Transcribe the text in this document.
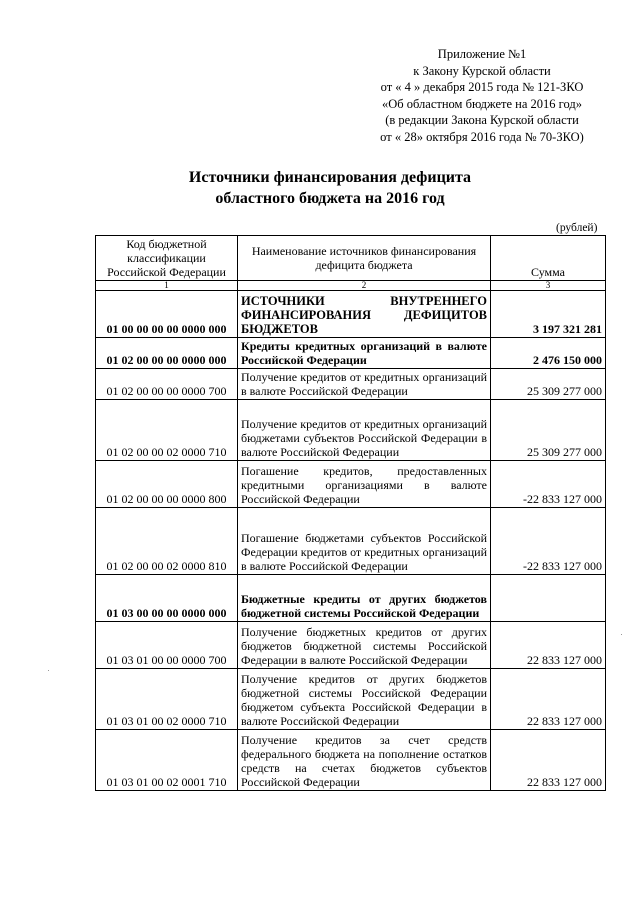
Приложение №1
к Закону Курской области
от « 4 » декабря 2015 года № 121-ЗКО
«Об областном бюджете на 2016 год»
(в редакции Закона Курской области
от « 28» октября 2016 года № 70-ЗКО)
Источники финансирования дефицита
областного бюджета на 2016 год
(рублей)
Код бюджетной классификации Российской Федерации	Наименование источников финансирования дефицита бюджета	Сумма
1	2	3
01 00 00 00 00 0000 000	ИСТОЧНИКИ ВНУТРЕННЕГО ФИНАНСИРОВАНИЯ ДЕФИЦИТОВ БЮДЖЕТОВ	3 197 321 281
01 02 00 00 00 0000 000	Кредиты кредитных организаций в валюте Российской Федерации	2 476 150 000
01 02 00 00 00 0000 700	Получение кредитов от кредитных организаций в валюте Российской Федерации	25 309 277 000
01 02 00 00 02 0000 710	Получение кредитов от кредитных организаций бюджетами субъектов Российской Федерации в валюте Российской Федерации	25 309 277 000
01 02 00 00 00 0000 800	Погашение кредитов, предоставленных кредитными организациями в валюте Российской Федерации	-22 833 127 000
01 02 00 00 02 0000 810	Погашение бюджетами субъектов Российской Федерации кредитов от кредитных организаций в валюте Российской Федерации	-22 833 127 000
01 03 00 00 00 0000 000	Бюджетные кредиты от других бюджетов бюджетной системы Российской Федерации	
01 03 01 00 00 0000 700	Получение бюджетных кредитов от других бюджетов бюджетной системы Российской Федерации в валюте Российской Федерации	22 833 127 000
01 03 01 00 02 0000 710	Получение кредитов от других бюджетов бюджетной системы Российской Федерации бюджетом субъекта Российской Федерации в валюте Российской Федерации	22 833 127 000
01 03 01 00 02 0001 710	Получение кредитов за счет средств федерального бюджета на пополнение остатков средств на счетах бюджетов субъектов Российской Федерации	22 833 127 000
